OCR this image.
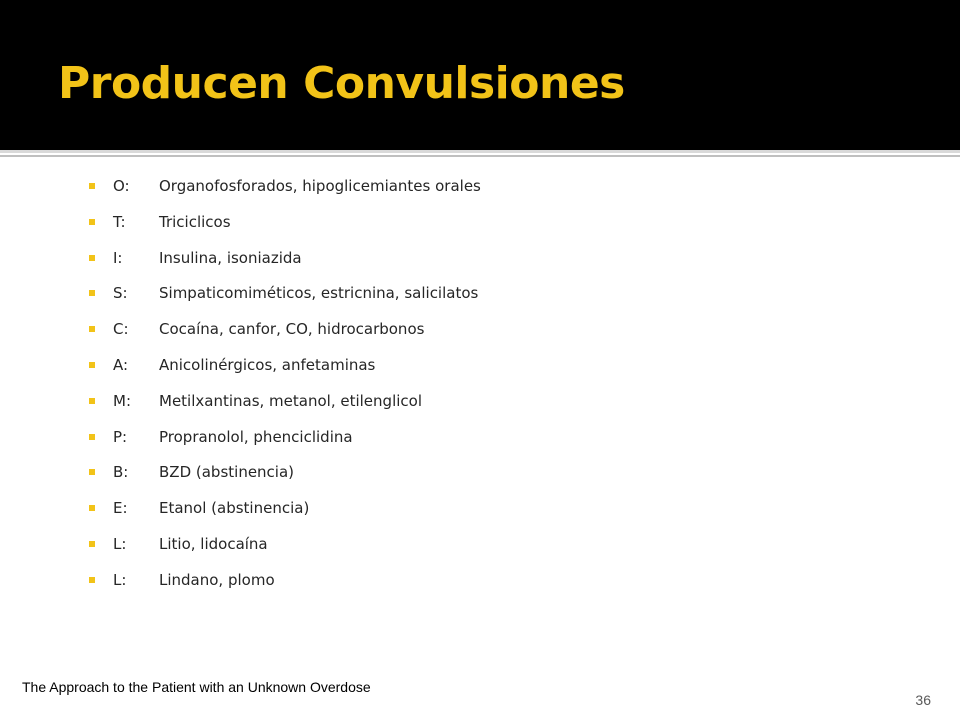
Producen Convulsiones
O:	Organofosforados, hipoglicemiantes orales
T:	Triciclicos
I:	Insulina, isoniazida
S:	Simpaticomiméticos, estricnina, salicilatos
C:	Cocaína, canfor, CO, hidrocarbonos
A:	Anicolinérgicos, anfetaminas
M:	Metilxantinas, metanol, etilenglicol
P:	Propranolol, phenciclidina
B:	BZD (abstinencia)
E:	Etanol (abstinencia)
L:	Litio, lidocaína
L:	Lindano, plomo
The Approach to the Patient with an Unknown Overdose
36
